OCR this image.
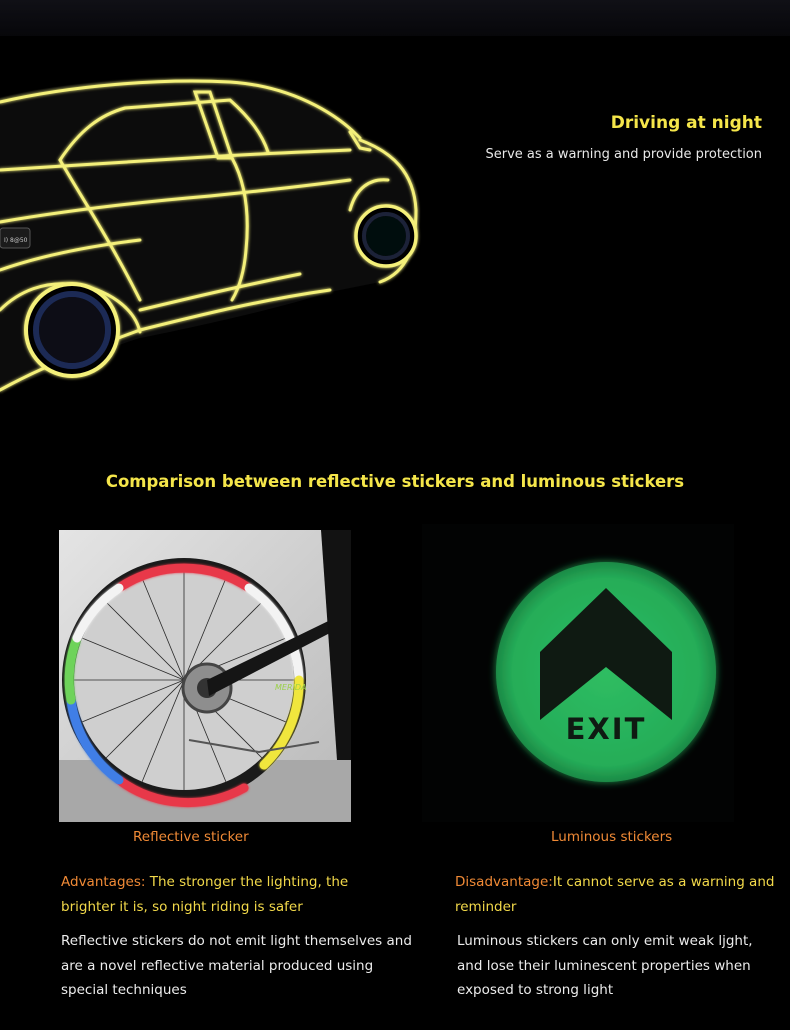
I) 8@50
Driving at night

Serve as a warning and provide protection

Comparison between reflective stickers and luminous stickers
MERIDA
EXIT

Reflective sticker	Luminous stickers

Advantages: The stronger the lighting, the brighter it is, so night riding is safer

Disadvantage:It cannot serve as a warning and reminder

Reflective stickers do not emit light themselves and are a novel reflective material produced using special techniques

Luminous stickers can only emit weak ljght, and lose their luminescent properties when exposed to strong light
